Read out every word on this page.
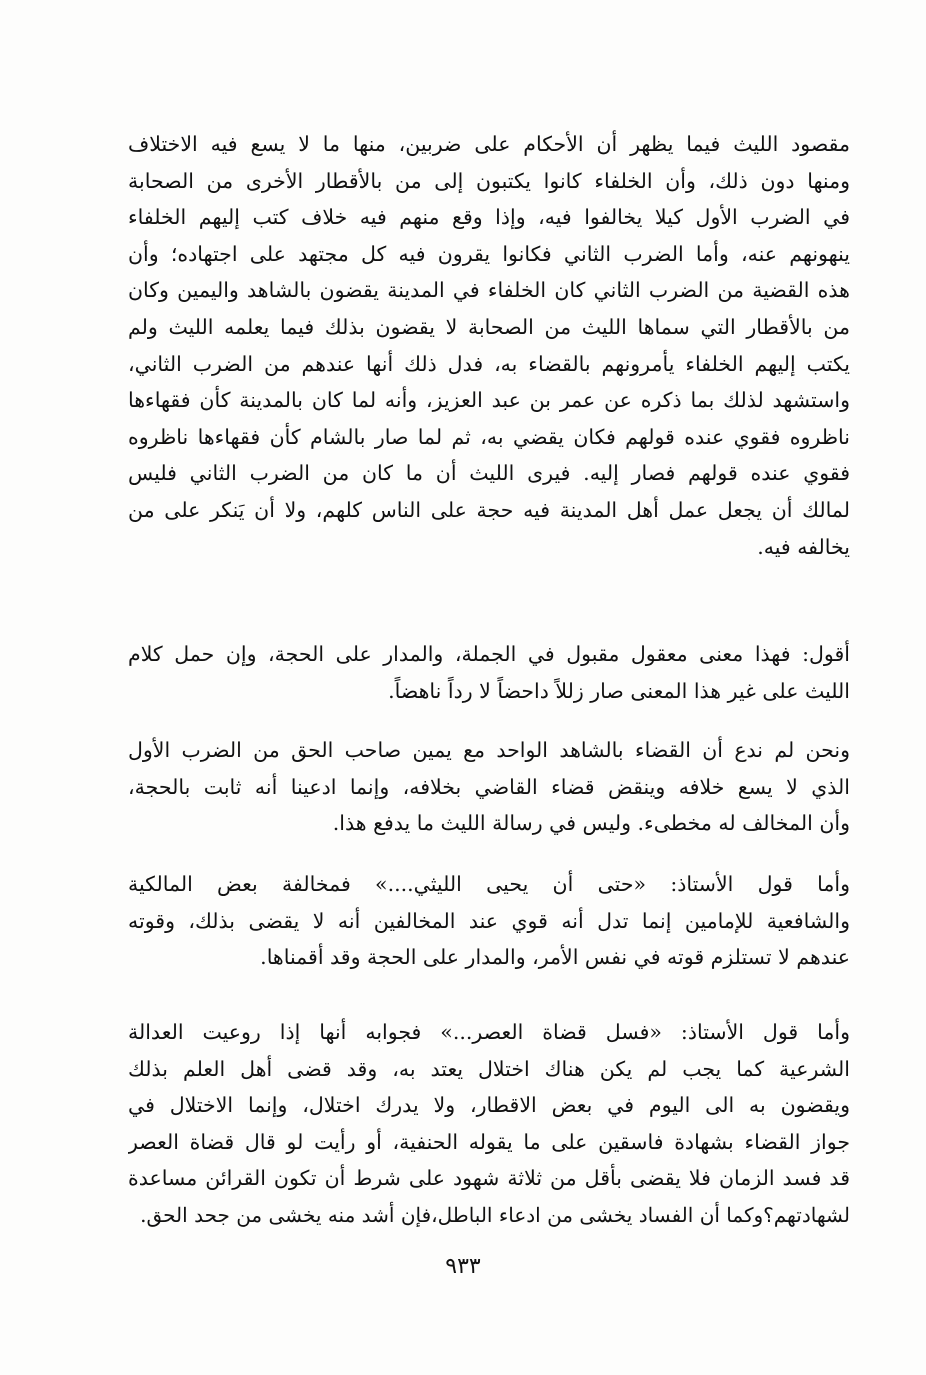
مقصود الليث فيما يظهر أن الأحكام على ضربين، منها ما لا يسع فيه الاختلاف
ومنها دون ذلك، وأن الخلفاء كانوا يكتبون إلى من بالأقطار الأخرى من الصحابة
في الضرب الأول كيلا يخالفوا فيه، وإذا وقع منهم فيه خلاف كتب إليهم الخلفاء
ينهونهم عنه، وأما الضرب الثاني فكانوا يقرون فيه كل مجتهد على اجتهاده؛ وأن
هذه القضية من الضرب الثاني كان الخلفاء في المدينة يقضون بالشاهد واليمين وكان
من بالأقطار التي سماها الليث من الصحابة لا يقضون بذلك فيما يعلمه الليث ولم
يكتب إليهم الخلفاء يأمرونهم بالقضاء به، فدل ذلك أنها عندهم من الضرب الثاني،
واستشهد لذلك بما ذكره عن عمر بن عبد العزيز، وأنه لما كان بالمدينة كأن فقهاءها
ناظروه فقوي عنده قولهم فكان يقضي به، ثم لما صار بالشام كأن فقهاءها ناظروه
فقوي عنده قولهم فصار إليه. فيرى الليث أن ما كان من الضرب الثاني فليس
لمالك أن يجعل عمل أهل المدينة فيه حجة على الناس كلهم، ولا أن يَنكر على من
يخالفه فيه.
أقول: فهذا معنى معقول مقبول في الجملة، والمدار على الحجة، وإن حمل كلام
الليث على غير هذا المعنى صار زللاً داحضاً لا رداً ناهضاً.
ونحن لم ندع أن القضاء بالشاهد الواحد مع يمين صاحب الحق من الضرب الأول
الذي لا يسع خلافه وينقض قضاء القاضي بخلافه، وإنما ادعينا أنه ثابت بالحجة،
وأن المخالف له مخطىء. وليس في رسالة الليث ما يدفع هذا.
وأما قول الأستاذ: «حتى أن يحيى الليثي....» فمخالفة بعض المالكية
والشافعية للإمامين إنما تدل أنه قوي عند المخالفين أنه لا يقضى بذلك، وقوته
عندهم لا تستلزم قوته في نفس الأمر، والمدار على الحجة وقد أقمناها.
وأما قول الأستاذ: «فسل قضاة العصر...» فجوابه أنها إذا روعيت العدالة
الشرعية كما يجب لم يكن هناك اختلال يعتد به، وقد قضى أهل العلم بذلك
ويقضون به الى اليوم في بعض الاقطار، ولا يدرك اختلال، وإنما الاختلال في
جواز القضاء بشهادة فاسقين على ما يقوله الحنفية، أو رأيت لو قال قضاة العصر
قد فسد الزمان فلا يقضى بأقل من ثلاثة شهود على شرط أن تكون القرائن مساعدة
لشهادتهم؟وكما أن الفساد يخشى من ادعاء الباطل،فإن أشد منه يخشى من جحد الحق.
٩٣٣
